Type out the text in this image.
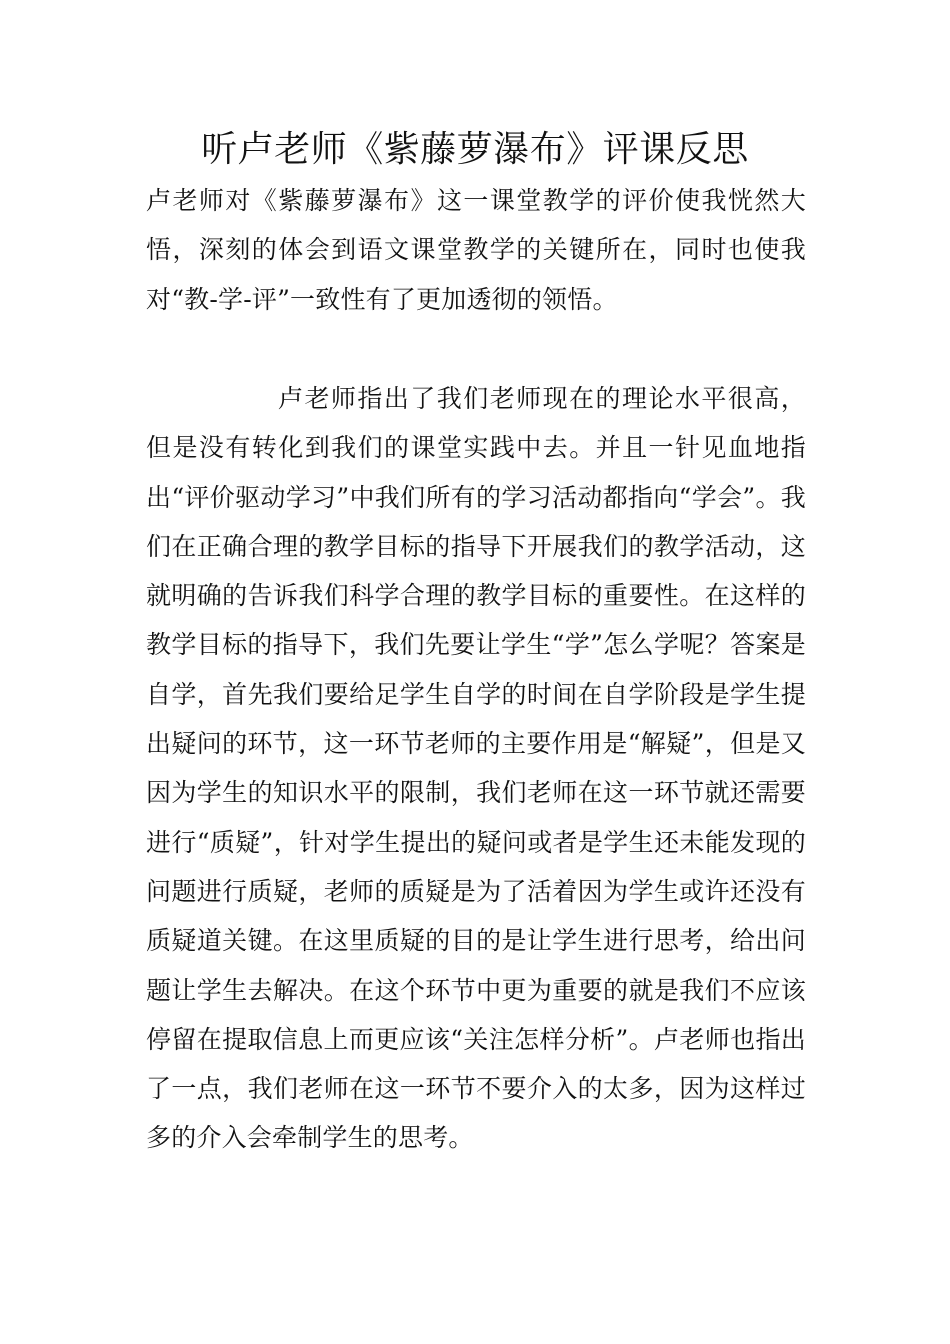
听卢老师《紫藤萝瀑布》评课反思

卢老师对《紫藤萝瀑布》这一课堂教学的评价使我恍然大悟，深刻的体会到语文课堂教学的关键所在，同时也使我对“教-学-评”一致性有了更加透彻的领悟。

卢老师指出了我们老师现在的理论水平很高，但是没有转化到我们的课堂实践中去。并且一针见血地指出“评价驱动学习”中我们所有的学习活动都指向“学会”。我们在正确合理的教学目标的指导下开展我们的教学活动，这就明确的告诉我们科学合理的教学目标的重要性。在这样的教学目标的指导下，我们先要让学生“学”怎么学呢？答案是自学，首先我们要给足学生自学的时间在自学阶段是学生提出疑问的环节，这一环节老师的主要作用是“解疑”，但是又因为学生的知识水平的限制，我们老师在这一环节就还需要进行“质疑”，针对学生提出的疑问或者是学生还未能发现的问题进行质疑，老师的质疑是为了活着因为学生或许还没有质疑道关键。在这里质疑的目的是让学生进行思考，给出问题让学生去解决。在这个环节中更为重要的就是我们不应该停留在提取信息上而更应该“关注怎样分析”。卢老师也指出了一点，我们老师在这一环节不要介入的太多，因为这样过多的介入会牵制学生的思考。
